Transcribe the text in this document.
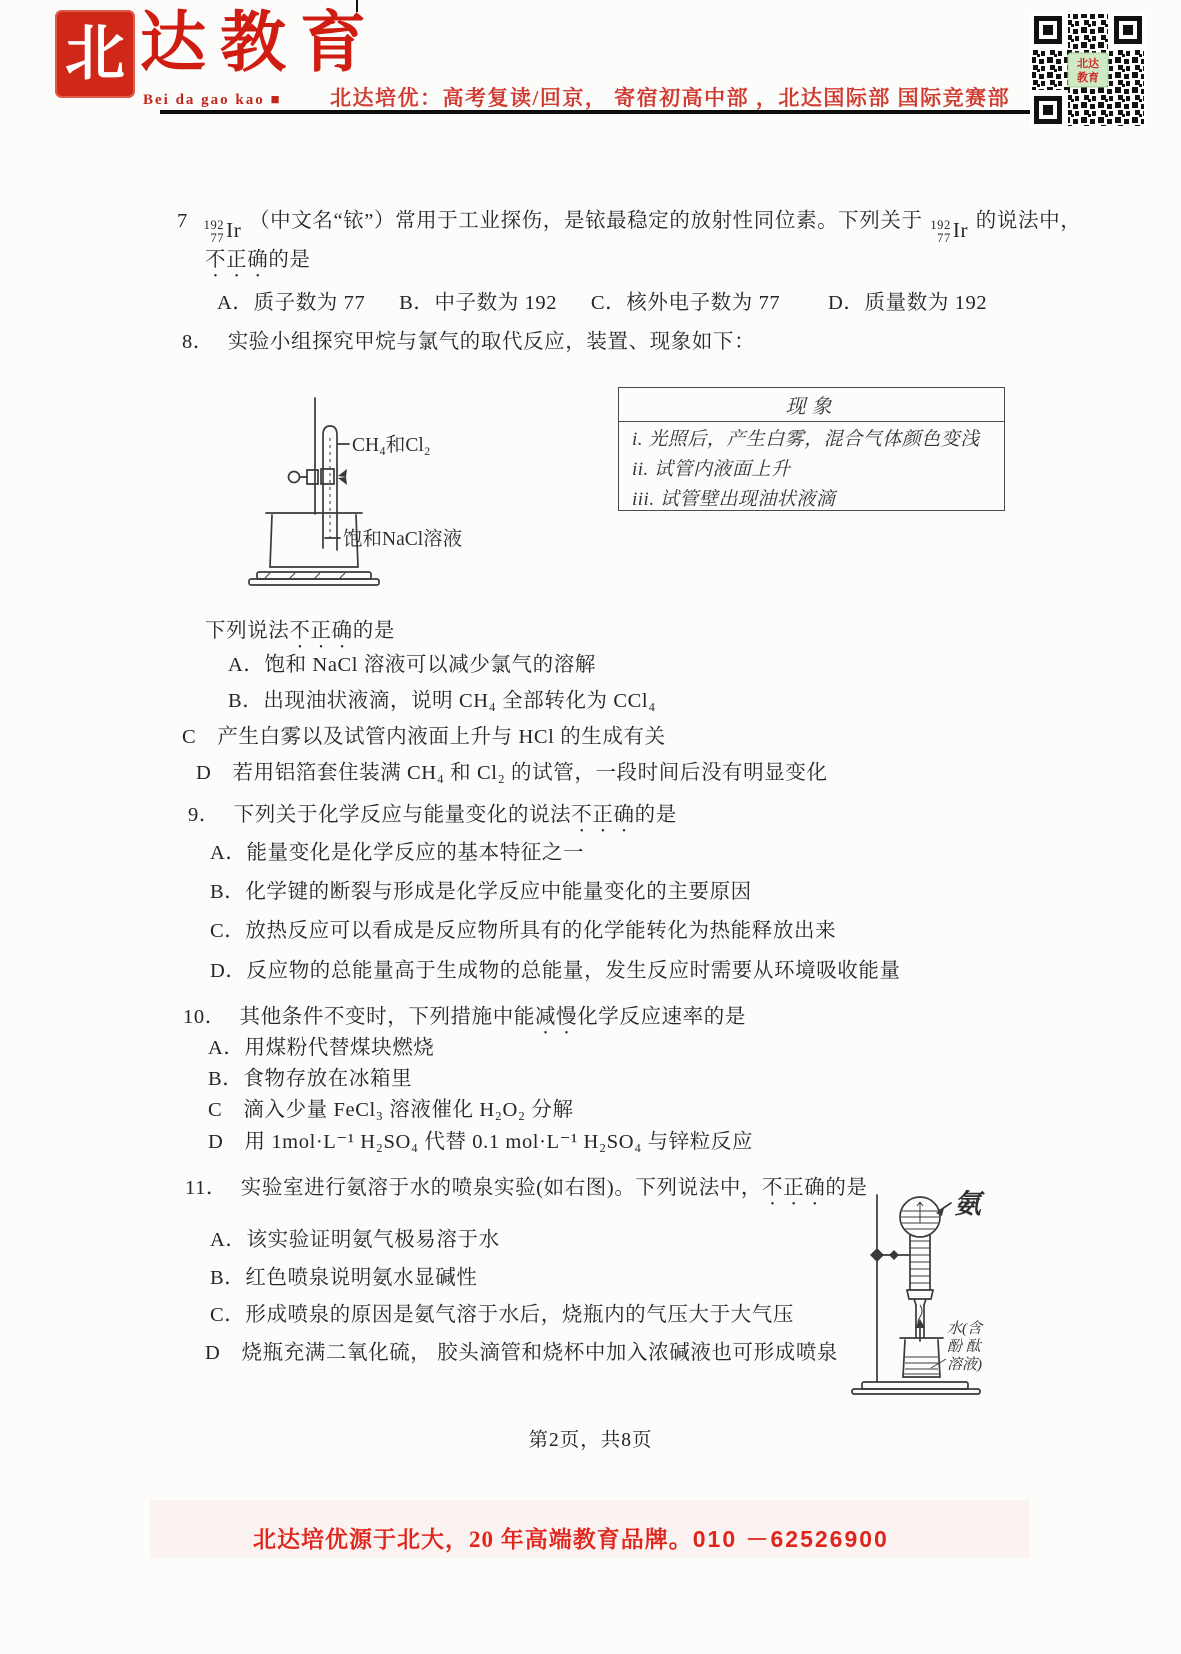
北 达教育
Bei da gao kao ■ 北达培优：高考复读/回京， 寄宿初高中部 ，北达国际部 国际竞赛部
北达
教育
7 192
77 Ir （中文名“铱”）常用于工业探伤，是铱最稳定的放射性同位素。下列关于 192
77 Ir 的说法中，
不正确的是
A．质子数为 77 B．中子数为 192 C．核外电子数为 77 D．质量数为 192
8． 实验小组探究甲烷与氯气的取代反应，装置、现象如下：
CH₄和Cl₂
饱和NaCl溶液
现象
i. 光照后，产生白雾，混合气体颜色变浅
ii. 试管内液面上升
iii. 试管壁出现油状液滴
下列说法不正确的是
A．饱和 NaCl 溶液可以减少氯气的溶解
B．出现油状液滴，说明 CH₄ 全部转化为 CCl₄
C　产生白雾以及试管内液面上升与 HCl 的生成有关
D　若用铝箔套住装满 CH₄ 和 Cl₂ 的试管，一段时间后没有明显变化
9． 下列关于化学反应与能量变化的说法不正确的是
A．能量变化是化学反应的基本特征之一
B．化学键的断裂与形成是化学反应中能量变化的主要原因
C．放热反应可以看成是反应物所具有的化学能转化为热能释放出来
D．反应物的总能量高于生成物的总能量，发生反应时需要从环境吸收能量
10． 其他条件不变时，下列措施中能减慢化学反应速率的是
A．用煤粉代替煤块燃烧
B．食物存放在冰箱里
C　滴入少量 FeCl₃ 溶液催化 H₂O₂ 分解
D　用 1mol·L⁻¹ H₂SO₄ 代替 0.1 mol·L⁻¹ H₂SO₄ 与锌粒反应
11． 实验室进行氨溶于水的喷泉实验(如右图)。下列说法中，不正确的是
A．该实验证明氨气极易溶于水
B．红色喷泉说明氨水显碱性
C．形成喷泉的原因是氨气溶于水后，烧瓶内的气压大于大气压
D　烧瓶充满二氧化硫， 胶头滴管和烧杯中加入浓碱液也可形成喷泉
氨
水(含
酚 酞
溶液)
第2页，共8页
北达培优源于北大，20 年高端教育品牌。010 －62526900
